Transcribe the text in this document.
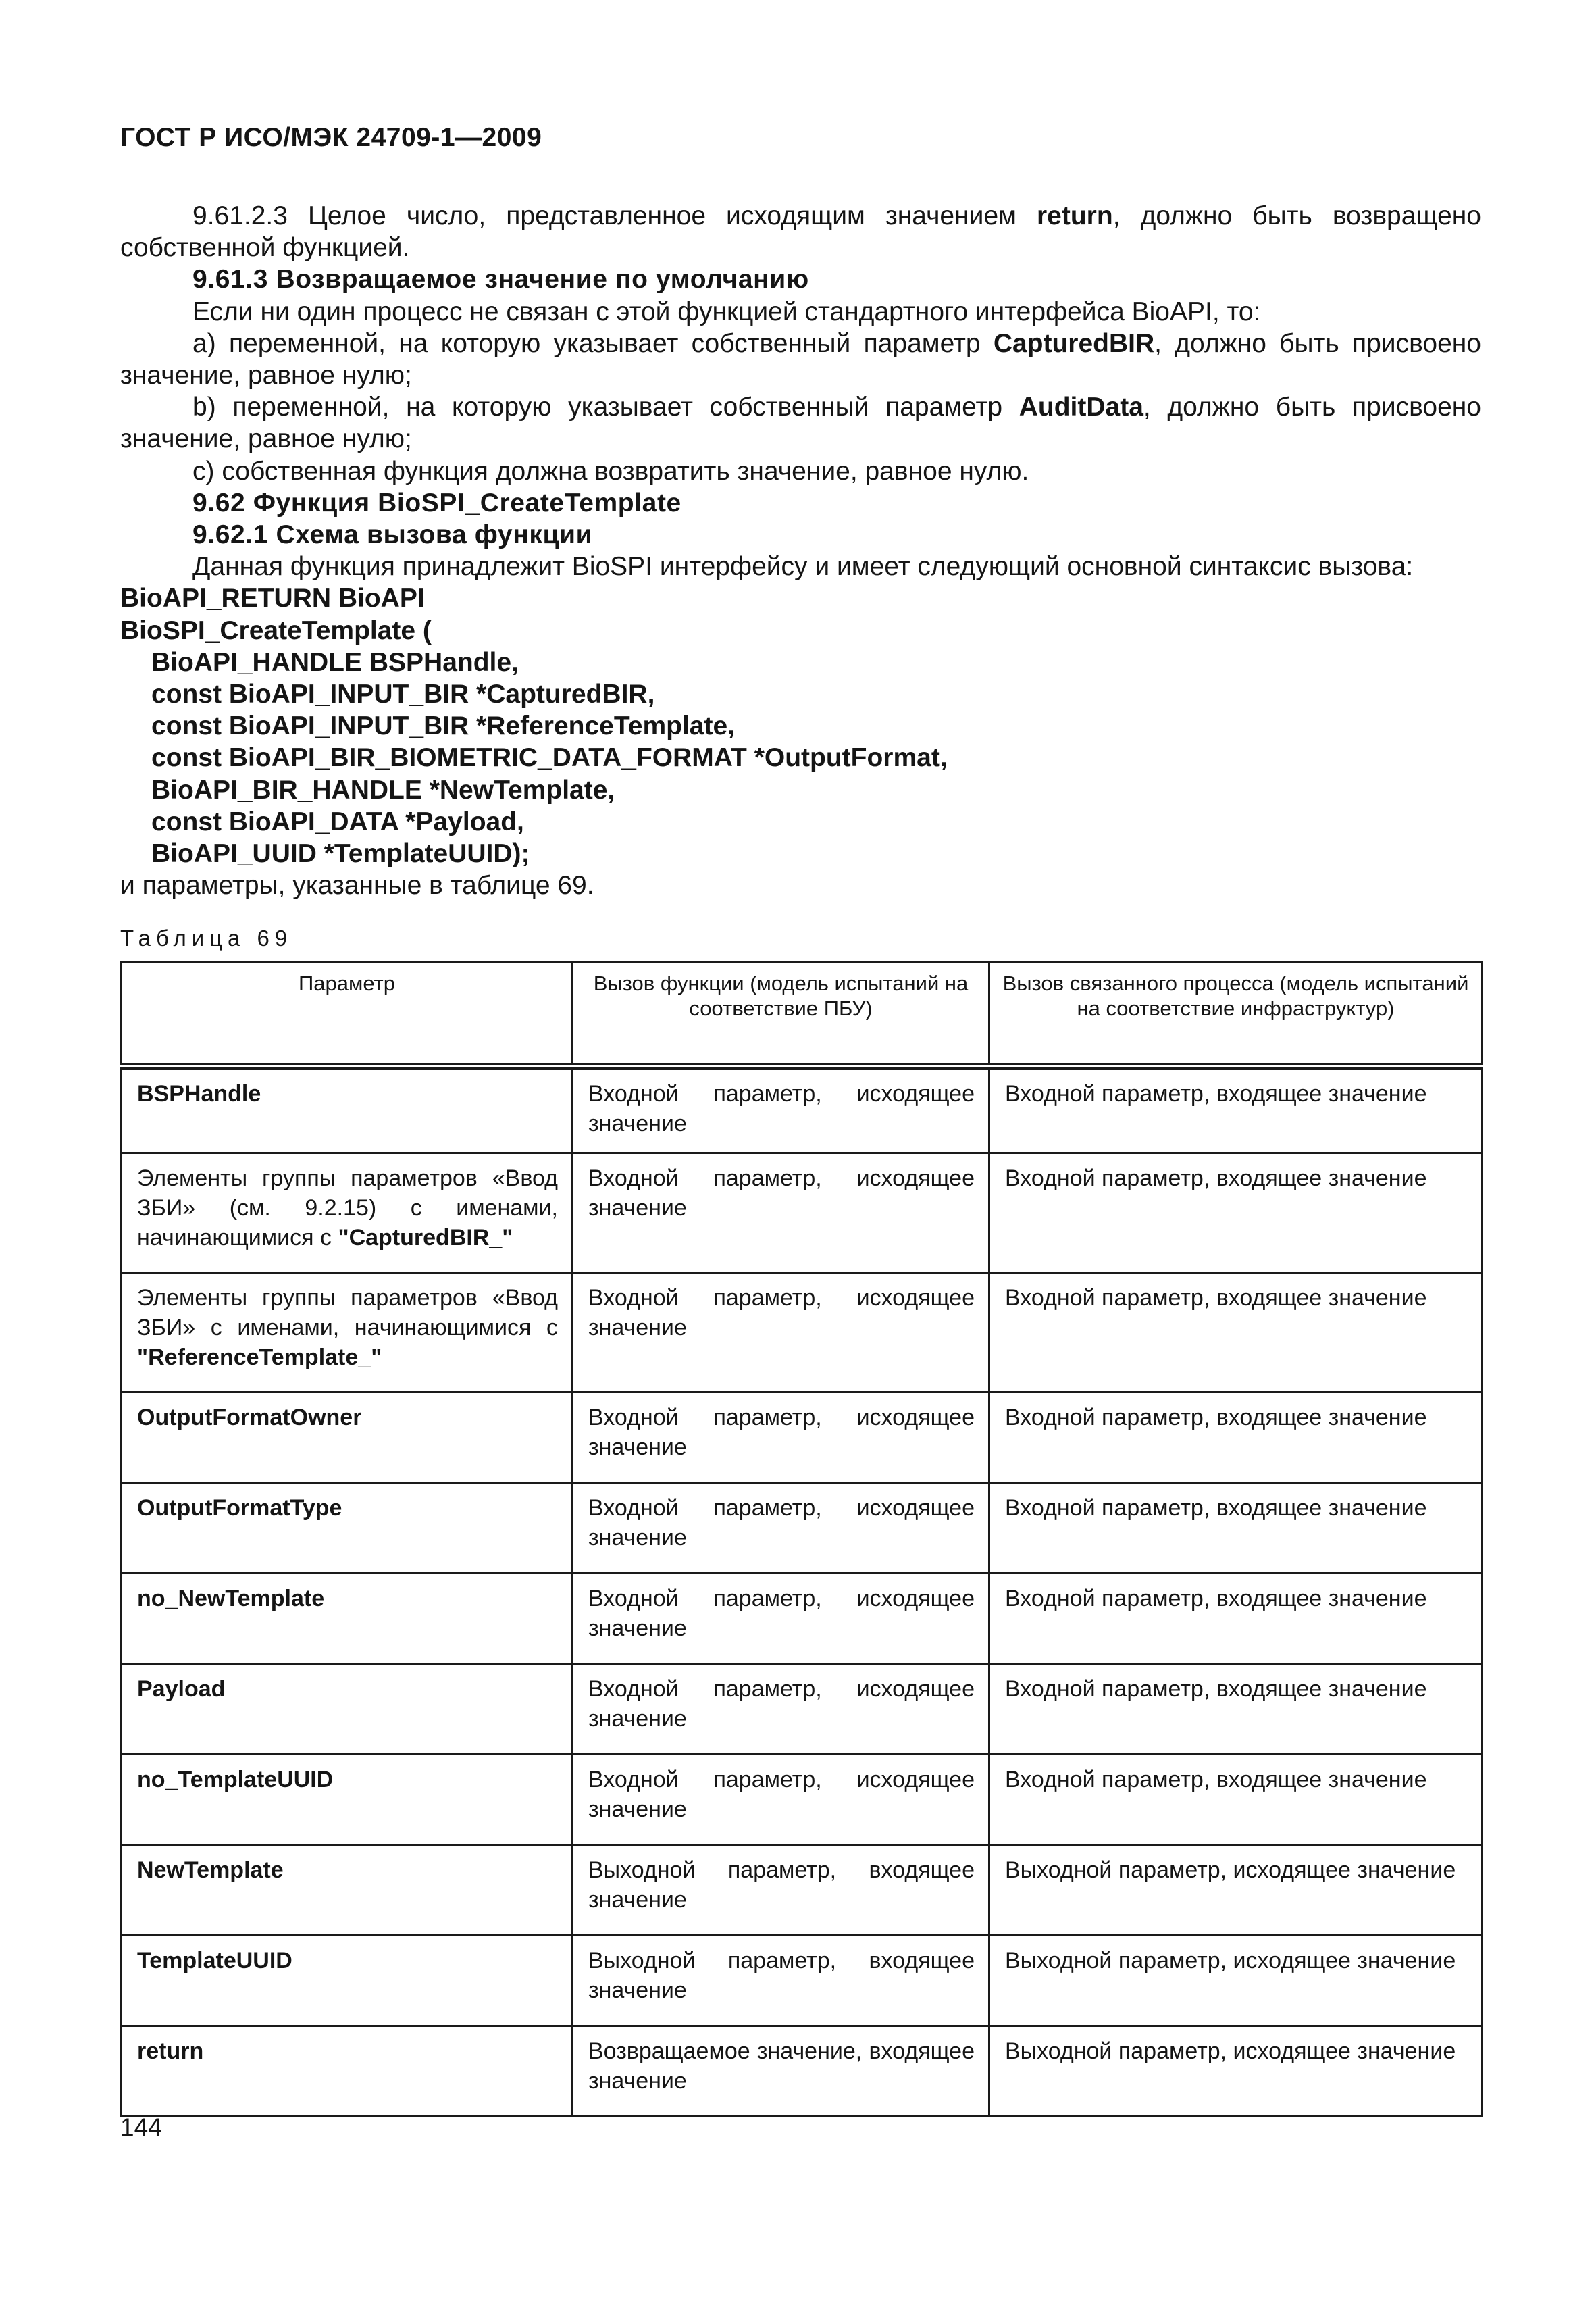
ГОСТ Р ИСО/МЭК 24709-1—2009

9.61.2.3 Целое число, представленное исходящим значением return, должно быть возвращено собственной функцией.

9.61.3 Возвращаемое значение по умолчанию

Если ни один процесс не связан с этой функцией стандартного интерфейса BioAPI, то:

a) переменной, на которую указывает собственный параметр CapturedBIR, должно быть присвоено значение, равное нулю;

b) переменной, на которую указывает собственный параметр AuditData, должно быть присвоено значение, равное нулю;

c) собственная функция должна возвратить значение, равное нулю.

9.62 Функция BioSPI_CreateTemplate

9.62.1 Схема вызова функции

Данная функция принадлежит BioSPI интерфейсу и имеет следующий основной синтаксис вызова:

BioAPI_RETURN BioAPI

BioSPI_CreateTemplate (

BioAPI_HANDLE BSPHandle,

const BioAPI_INPUT_BIR *CapturedBIR,

const BioAPI_INPUT_BIR *ReferenceTemplate,

const BioAPI_BIR_BIOMETRIC_DATA_FORMAT *OutputFormat,

BioAPI_BIR_HANDLE *NewTemplate,

const BioAPI_DATA *Payload,

BioAPI_UUID *TemplateUUID);

и параметры, указанные в таблице 69.

Таблица 69
Параметр	Вызов функции (модель испытаний на соответствие ПБУ)	Вызов связанного процесса (модель испытаний на соответствие инфраструктур)
BSPHandle	Входной параметр, исходящее значение	Входной параметр, входящее значение
Элементы группы параметров «Ввод ЗБИ» (см. 9.2.15) с именами, начинающимися с "CapturedBIR_"	Входной параметр, исходящее значение	Входной параметр, входящее значение
Элементы группы параметров «Ввод ЗБИ» с именами, начинающимися с "ReferenceTemplate_"	Входной параметр, исходящее значение	Входной параметр, входящее значение
OutputFormatOwner	Входной параметр, исходящее значение	Входной параметр, входящее значение
OutputFormatType	Входной параметр, исходящее значение	Входной параметр, входящее значение
no_NewTemplate	Входной параметр, исходящее значение	Входной параметр, входящее значение
Payload	Входной параметр, исходящее значение	Входной параметр, входящее значение
no_TemplateUUID	Входной параметр, исходящее значение	Входной параметр, входящее значение
NewTemplate	Выходной параметр, входящее значение	Выходной параметр, исходящее значение
TemplateUUID	Выходной параметр, входящее значение	Выходной параметр, исходящее значение
return	Возвращаемое значение, входящее значение	Выходной параметр, исходящее значение
144
